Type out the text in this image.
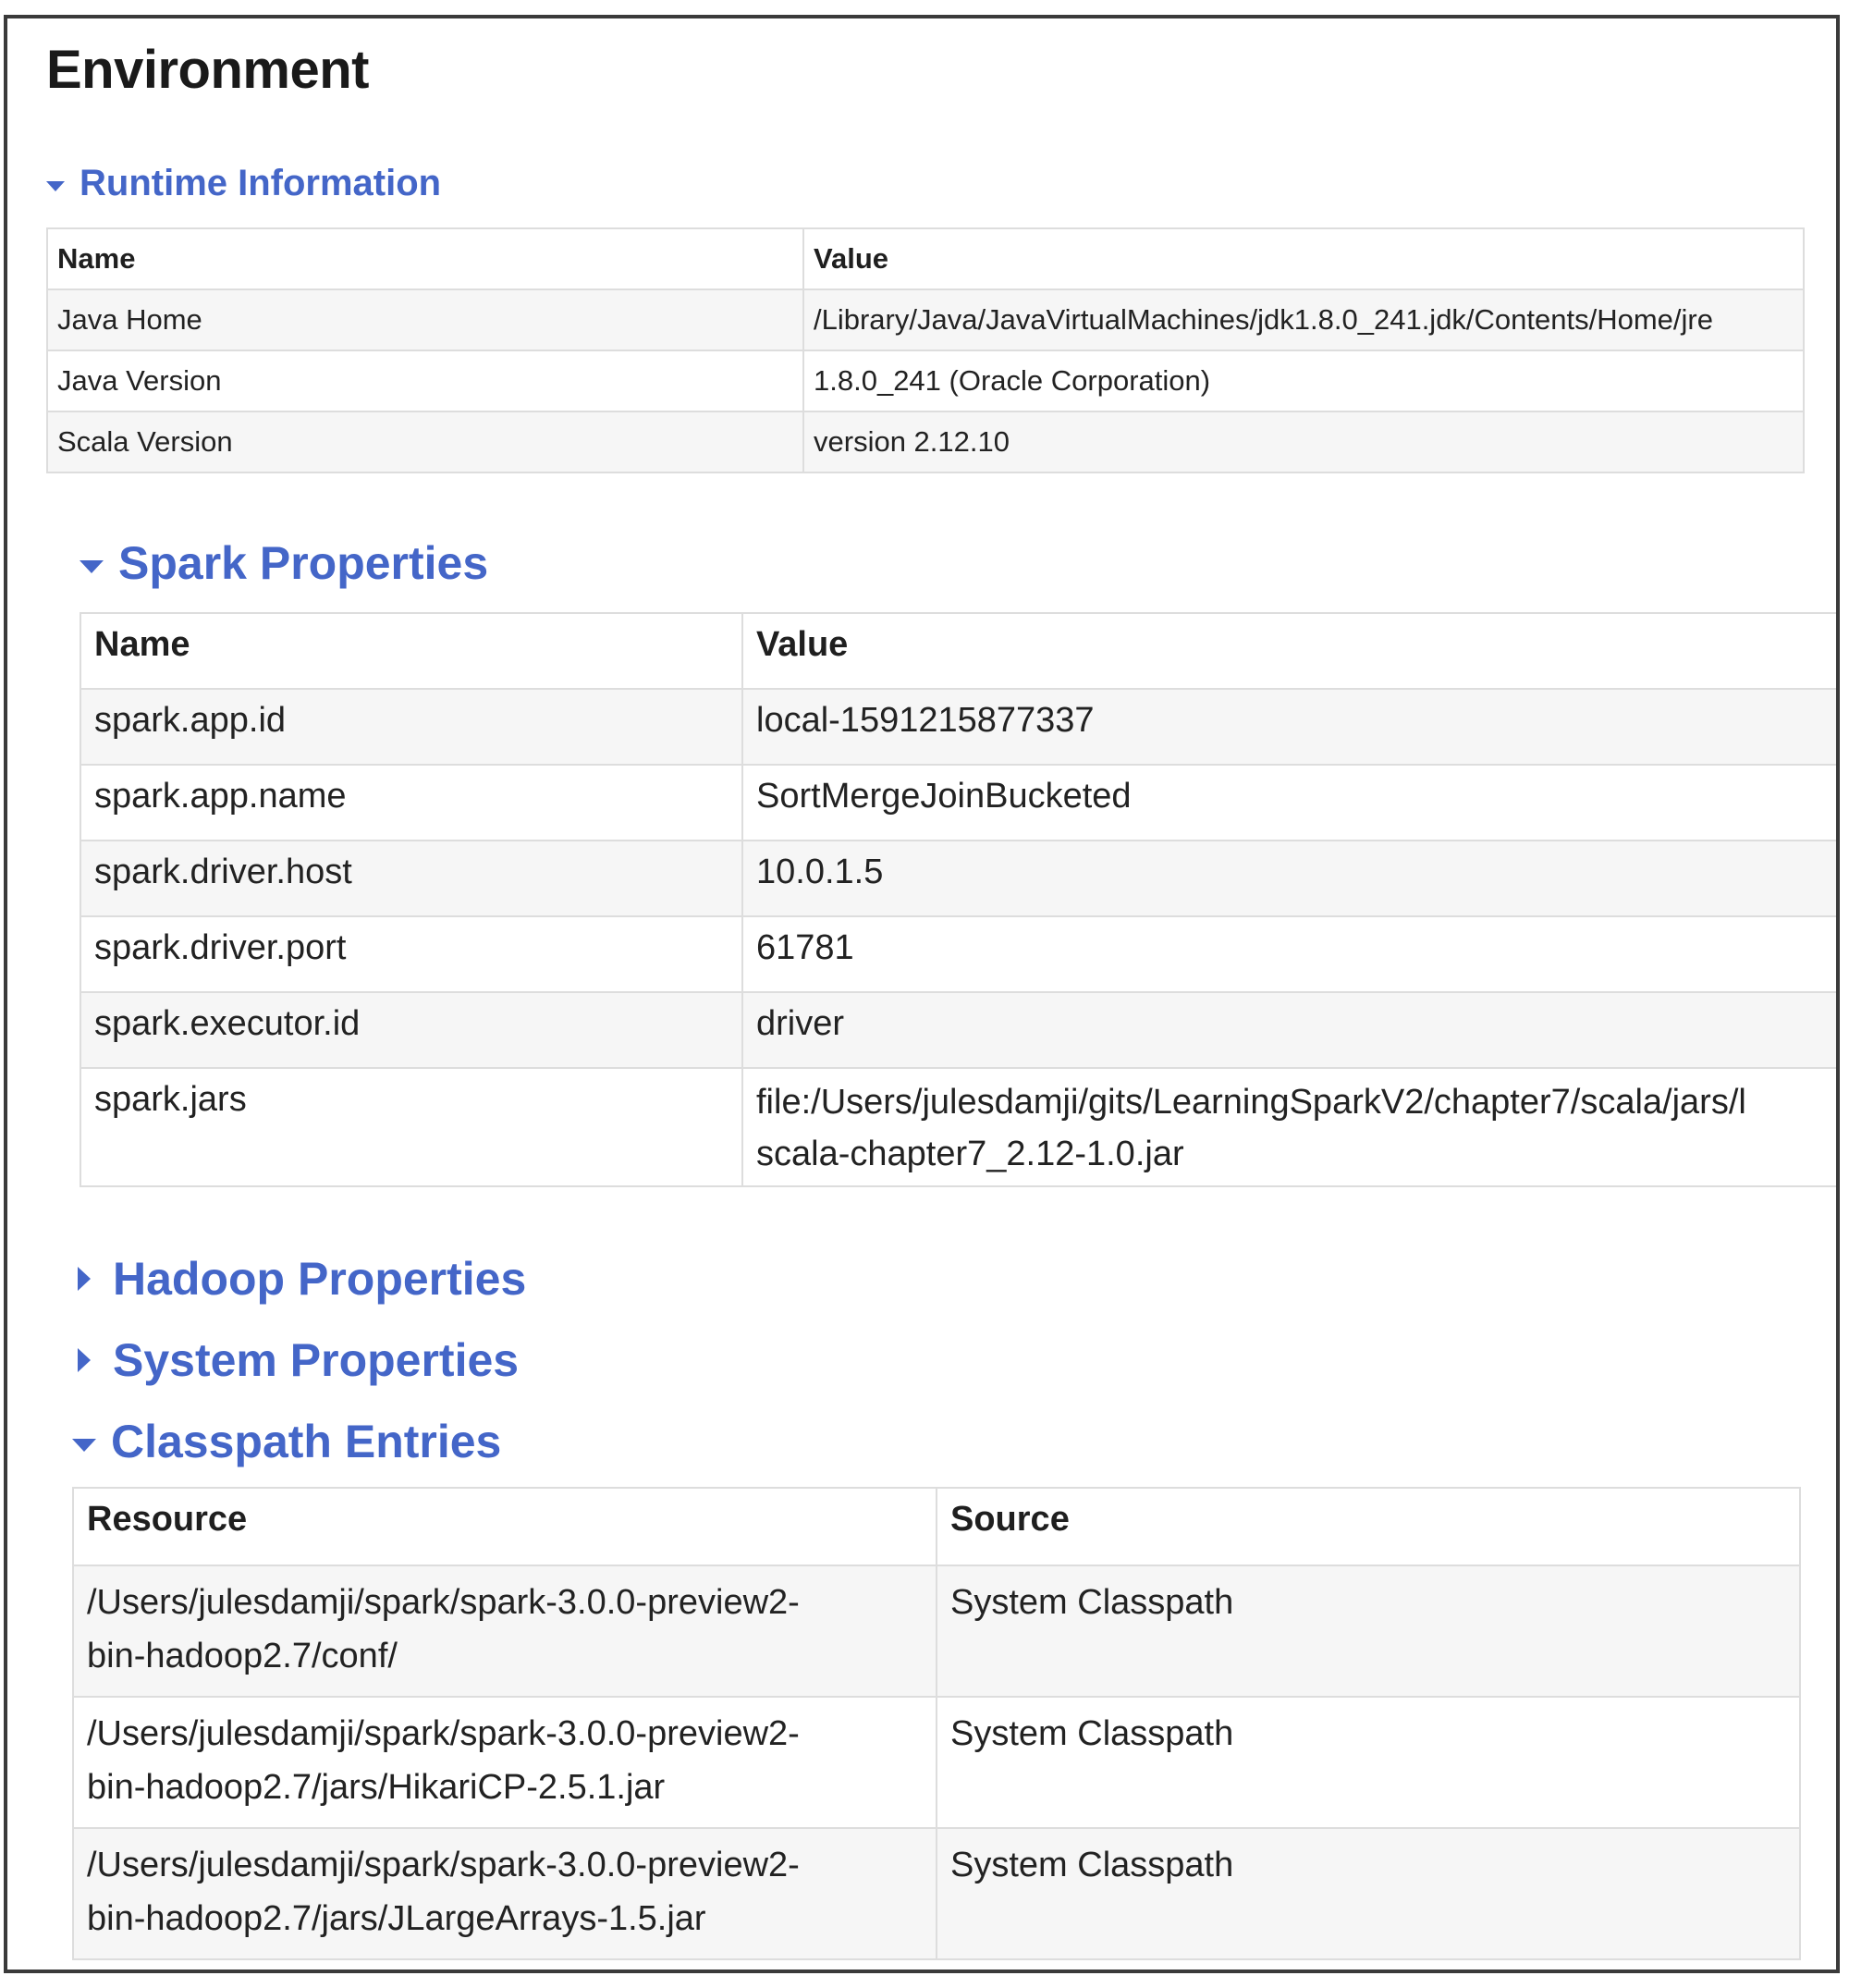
Environment
Runtime Information
Name	Value
Java Home	/Library/Java/JavaVirtualMachines/jdk1.8.0_241.jdk/Contents/Home/jre
Java Version	1.8.0_241 (Oracle Corporation)
Scala Version	version 2.12.10
Spark Properties
Name	Value
spark.app.id	local-1591215877337
spark.app.name	SortMergeJoinBucketed
spark.driver.host	10.0.1.5
spark.driver.port	61781
spark.executor.id	driver
spark.jars	file:/Users/julesdamji/gits/LearningSparkV2/chapter7/scala/jars/l
scala-chapter7_2.12-1.0.jar
Hadoop Properties
System Properties
Classpath Entries
Resource	Source

/Users/julesdamji/spark/spark-3.0.0-preview2-
bin-hadoop2.7/conf/	System Classpath

/Users/julesdamji/spark/spark-3.0.0-preview2-
bin-hadoop2.7/jars/HikariCP-2.5.1.jar	System Classpath

/Users/julesdamji/spark/spark-3.0.0-preview2-
bin-hadoop2.7/jars/JLargeArrays-1.5.jar	System Classpath
